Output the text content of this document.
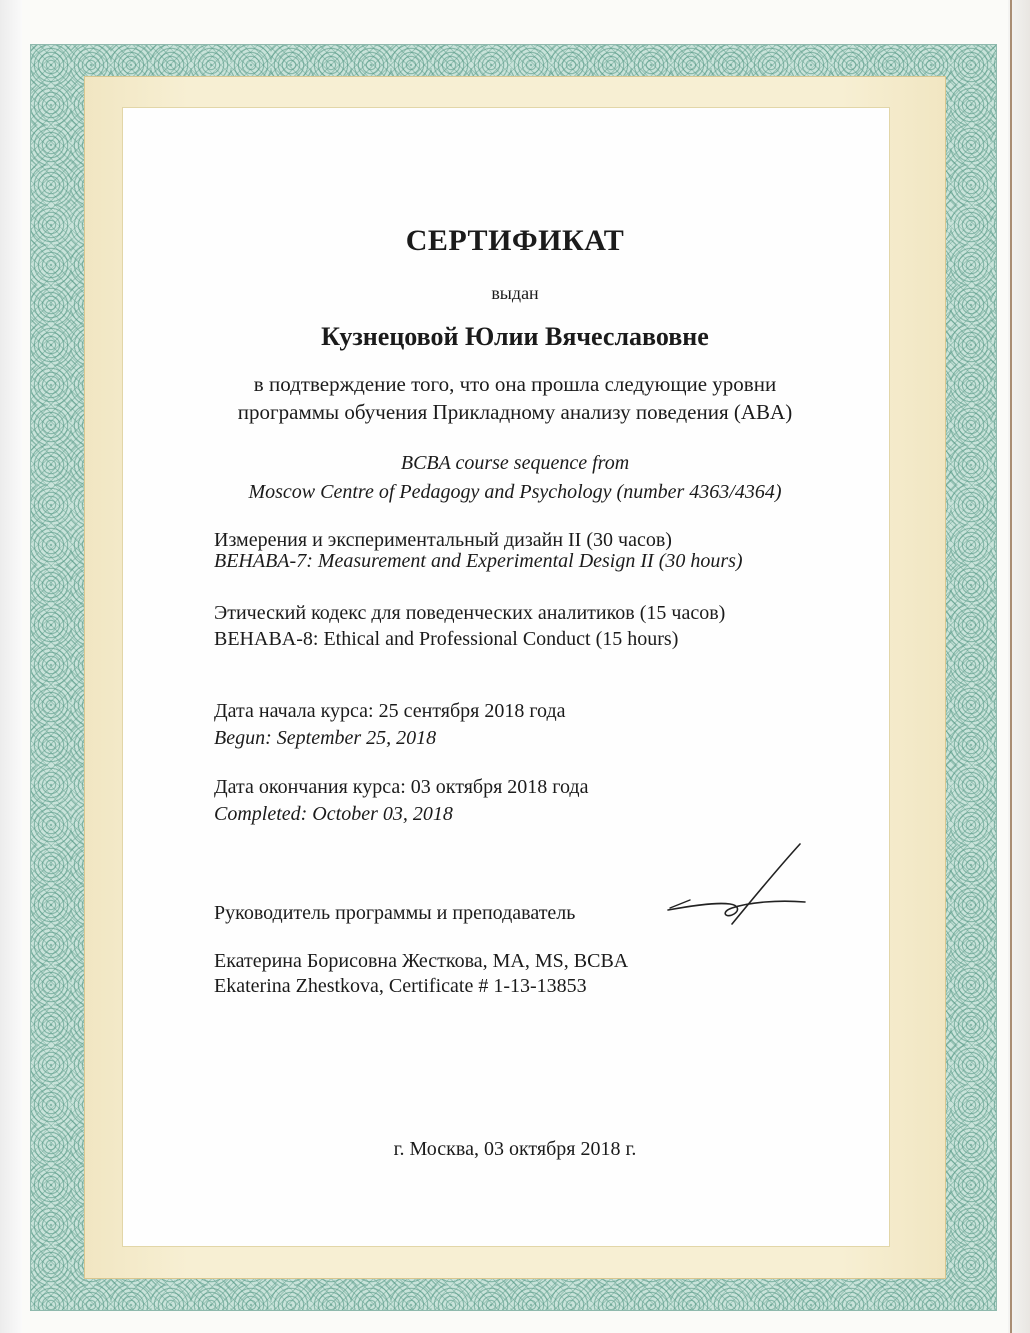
СЕРТИФИКАТ
выдан
Кузнецовой Юлии Вячеславовне
в подтверждение того, что она прошла следующие уровни
программы обучения Прикладному анализу поведения (ABA)
BCBA course sequence from
Moscow Centre of Pedagogy and Psychology (number 4363/4364)
Измерения и экспериментальный дизайн II (30 часов)
BEHABA-7: Measurement and Experimental Design II (30 hours)
Этический кодекс для поведенческих аналитиков (15 часов)
BEHABA-8: Ethical and Professional Conduct (15 hours)
Дата начала курса: 25 сентября 2018 года
Begun: September 25, 2018
Дата окончания курса: 03 октября 2018 года
Completed: October 03, 2018
Руководитель программы и преподаватель
Екатерина Борисовна Жесткова, MA, MS, BCBA
Ekaterina Zhestkova, Certificate # 1-13-13853
г. Москва, 03 октября 2018 г.
